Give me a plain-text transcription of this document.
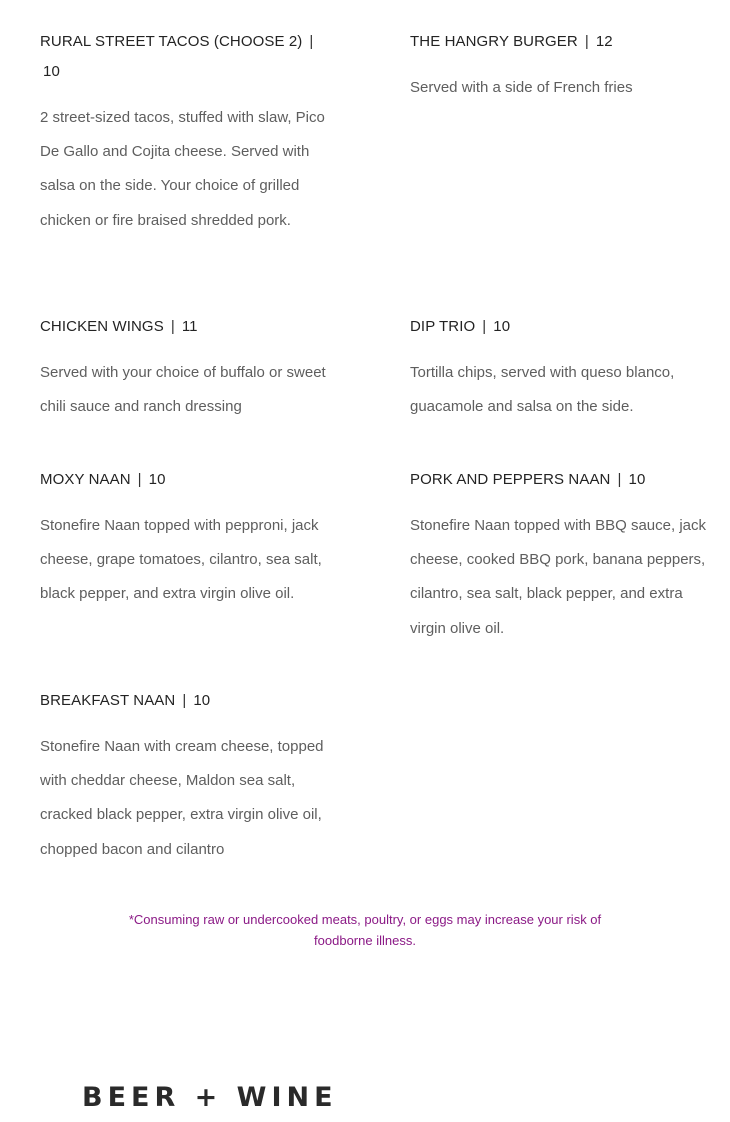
RURAL STREET TACOS (CHOOSE 2) |
10
2 street-sized tacos, stuffed with slaw, Pico De Gallo and Cojita cheese. Served with salsa on the side. Your choice of grilled chicken or fire braised shredded pork.
THE HANGRY BURGER | 12
Served with a side of French fries
CHICKEN WINGS | 11
Served with your choice of buffalo or sweet chili sauce and ranch dressing
DIP TRIO | 10
Tortilla chips, served with queso blanco, guacamole and salsa on the side.
MOXY NAAN | 10
Stonefire Naan topped with pepproni, jack cheese, grape tomatoes, cilantro, sea salt, black pepper, and extra virgin olive oil.
PORK AND PEPPERS NAAN | 10
Stonefire Naan topped with BBQ sauce, jack cheese, cooked BBQ pork, banana peppers, cilantro, sea salt, black pepper, and extra virgin olive oil.
BREAKFAST NAAN | 10
Stonefire Naan with cream cheese, topped with cheddar cheese, Maldon sea salt, cracked black pepper, extra virgin olive oil, chopped bacon and cilantro
*Consuming raw or undercooked meats, poultry, or eggs may increase your risk of foodborne illness.
BEER + WINE
